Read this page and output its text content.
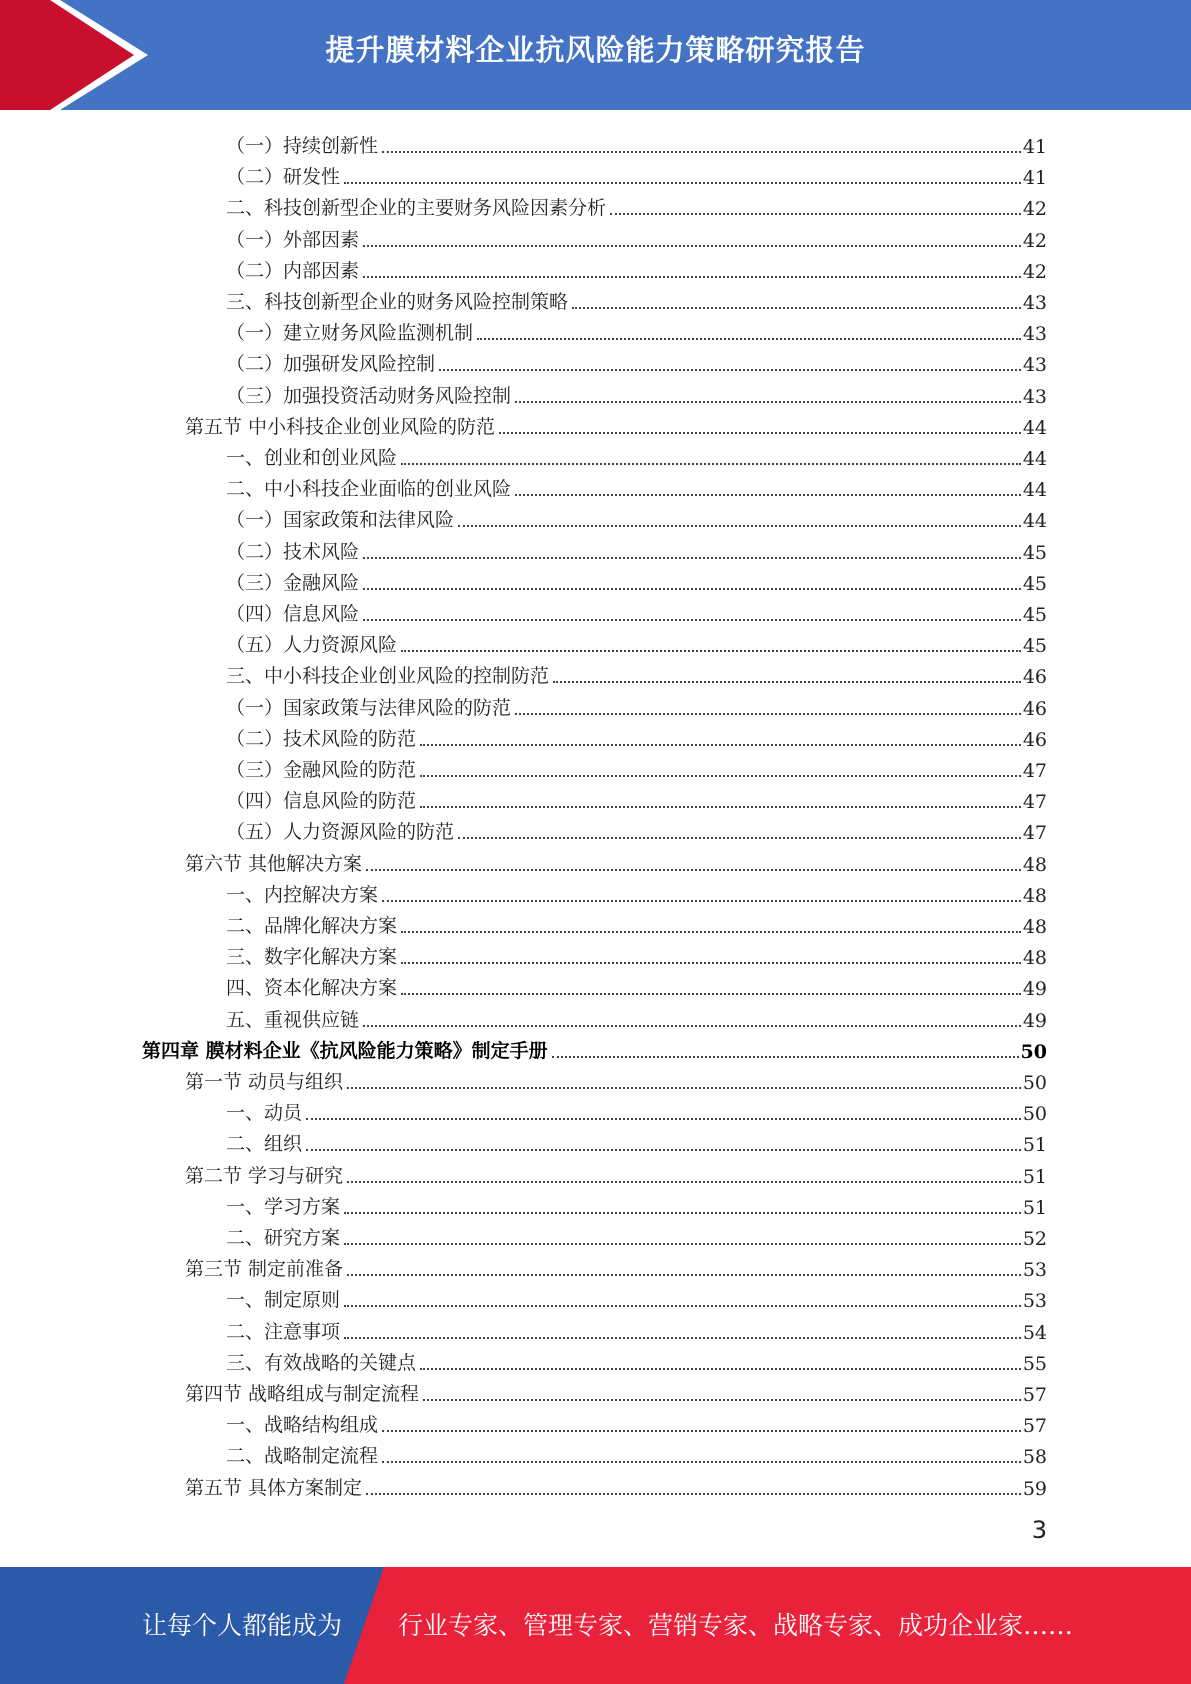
提升膜材料企业抗风险能力策略研究报告
（一）持续创新性	41
（二）研发性	41
二、科技创新型企业的主要财务风险因素分析	42
（一）外部因素	42
（二）内部因素	42
三、科技创新型企业的财务风险控制策略	43
（一）建立财务风险监测机制	43
（二）加强研发风险控制	43
（三）加强投资活动财务风险控制	43
第五节 中小科技企业创业风险的防范	44
一、创业和创业风险	44
二、中小科技企业面临的创业风险	44
（一）国家政策和法律风险	44
（二）技术风险	45
（三）金融风险	45
（四）信息风险	45
（五）人力资源风险	45
三、中小科技企业创业风险的控制防范	46
（一）国家政策与法律风险的防范	46
（二）技术风险的防范	46
（三）金融风险的防范	47
（四）信息风险的防范	47
（五）人力资源风险的防范	47
第六节 其他解决方案	48
一、内控解决方案	48
二、品牌化解决方案	48
三、数字化解决方案	48
四、资本化解决方案	49
五、重视供应链	49
第四章 膜材料企业《抗风险能力策略》制定手册	50
第一节 动员与组织	50
一、动员	50
二、组织	51
第二节 学习与研究	51
一、学习方案	51
二、研究方案	52
第三节 制定前准备	53
一、制定原则	53
二、注意事项	54
三、有效战略的关键点	55
第四节 战略组成与制定流程	57
一、战略结构组成	57
二、战略制定流程	58
第五节 具体方案制定	59
3
让每个人都能成为 行业专家、管理专家、营销专家、战略专家、成功企业家……
